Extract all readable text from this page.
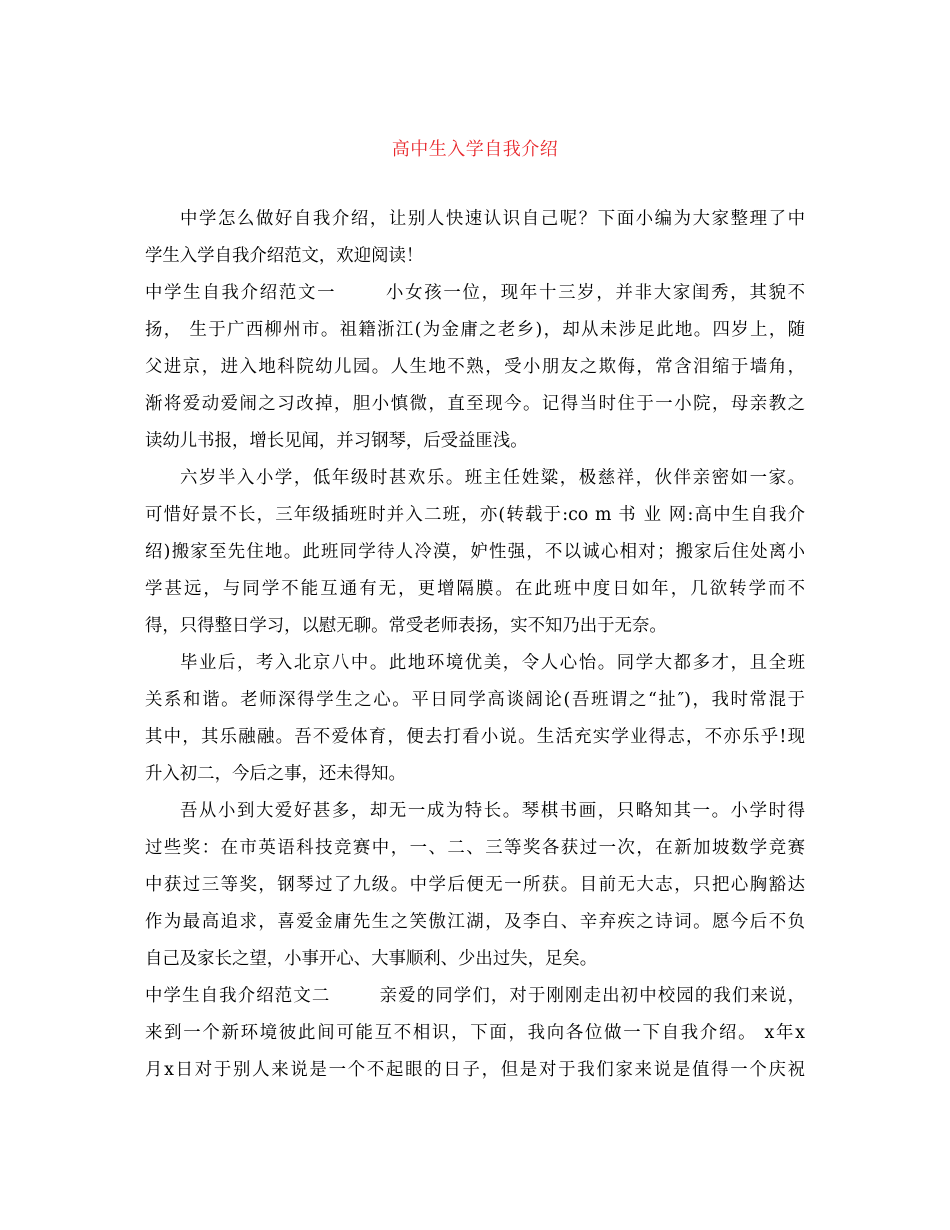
高中生入学自我介绍
中学怎么做好自我介绍，让别人快速认识自己呢？下面小编为大家整理了中
学生入学自我介绍范文，欢迎阅读！
中学生自我介绍范文一	小女孩一位，现年十三岁，并非大家闺秀，其貌不
扬， 生于广西柳州市。祖籍浙江(为金庸之老乡)，却从未涉足此地。四岁上，随
父进京，进入地科院幼儿园。人生地不熟，受小朋友之欺侮，常含泪缩于墙角，
渐将爱动爱闹之习改掉，胆小慎微，直至现今。记得当时住于一小院，母亲教之
读幼儿书报，增长见闻，并习钢琴，后受益匪浅。
六岁半入小学，低年级时甚欢乐。班主任姓粱，极慈祥，伙伴亲密如一家。
可惜好景不长，三年级插班时并入二班，亦(转载于:co m 书 业 网:高中生自我介
绍)搬家至先住地。此班同学待人冷漠，妒性强，不以诚心相对；搬家后住处离小
学甚远，与同学不能互通有无，更增隔膜。在此班中度日如年，几欲转学而不
得，只得整日学习，以慰无聊。常受老师表扬，实不知乃出于无奈。
毕业后，考入北京八中。此地环境优美，令人心怡。同学大都多才，且全班
关系和谐。老师深得学生之心。平日同学高谈阔论(吾班谓之“扯″)，我时常混于
其中，其乐融融。吾不爱体育，便去打看小说。生活充实学业得志，不亦乐乎!现
升入初二，今后之事，还未得知。
吾从小到大爱好甚多，却无一成为特长。琴棋书画，只略知其一。小学时得
过些奖：在市英语科技竞赛中，一、二、三等奖各获过一次，在新加坡数学竞赛
中获过三等奖，钢琴过了九级。中学后便无一所获。目前无大志，只把心胸豁达
作为最高追求，喜爱金庸先生之笑傲江湖，及李白、辛弃疾之诗词。愿今后不负
自己及家长之望，小事开心、大事顺利、少出过失，足矣。
中学生自我介绍范文二	亲爱的同学们，对于刚刚走出初中校园的我们来说，
来到一个新环境彼此间可能互不相识，下面，我向各位做一下自我介绍。 x年x
月x日对于别人来说是一个不起眼的日子，但是对于我们家来说是值得一个庆祝
